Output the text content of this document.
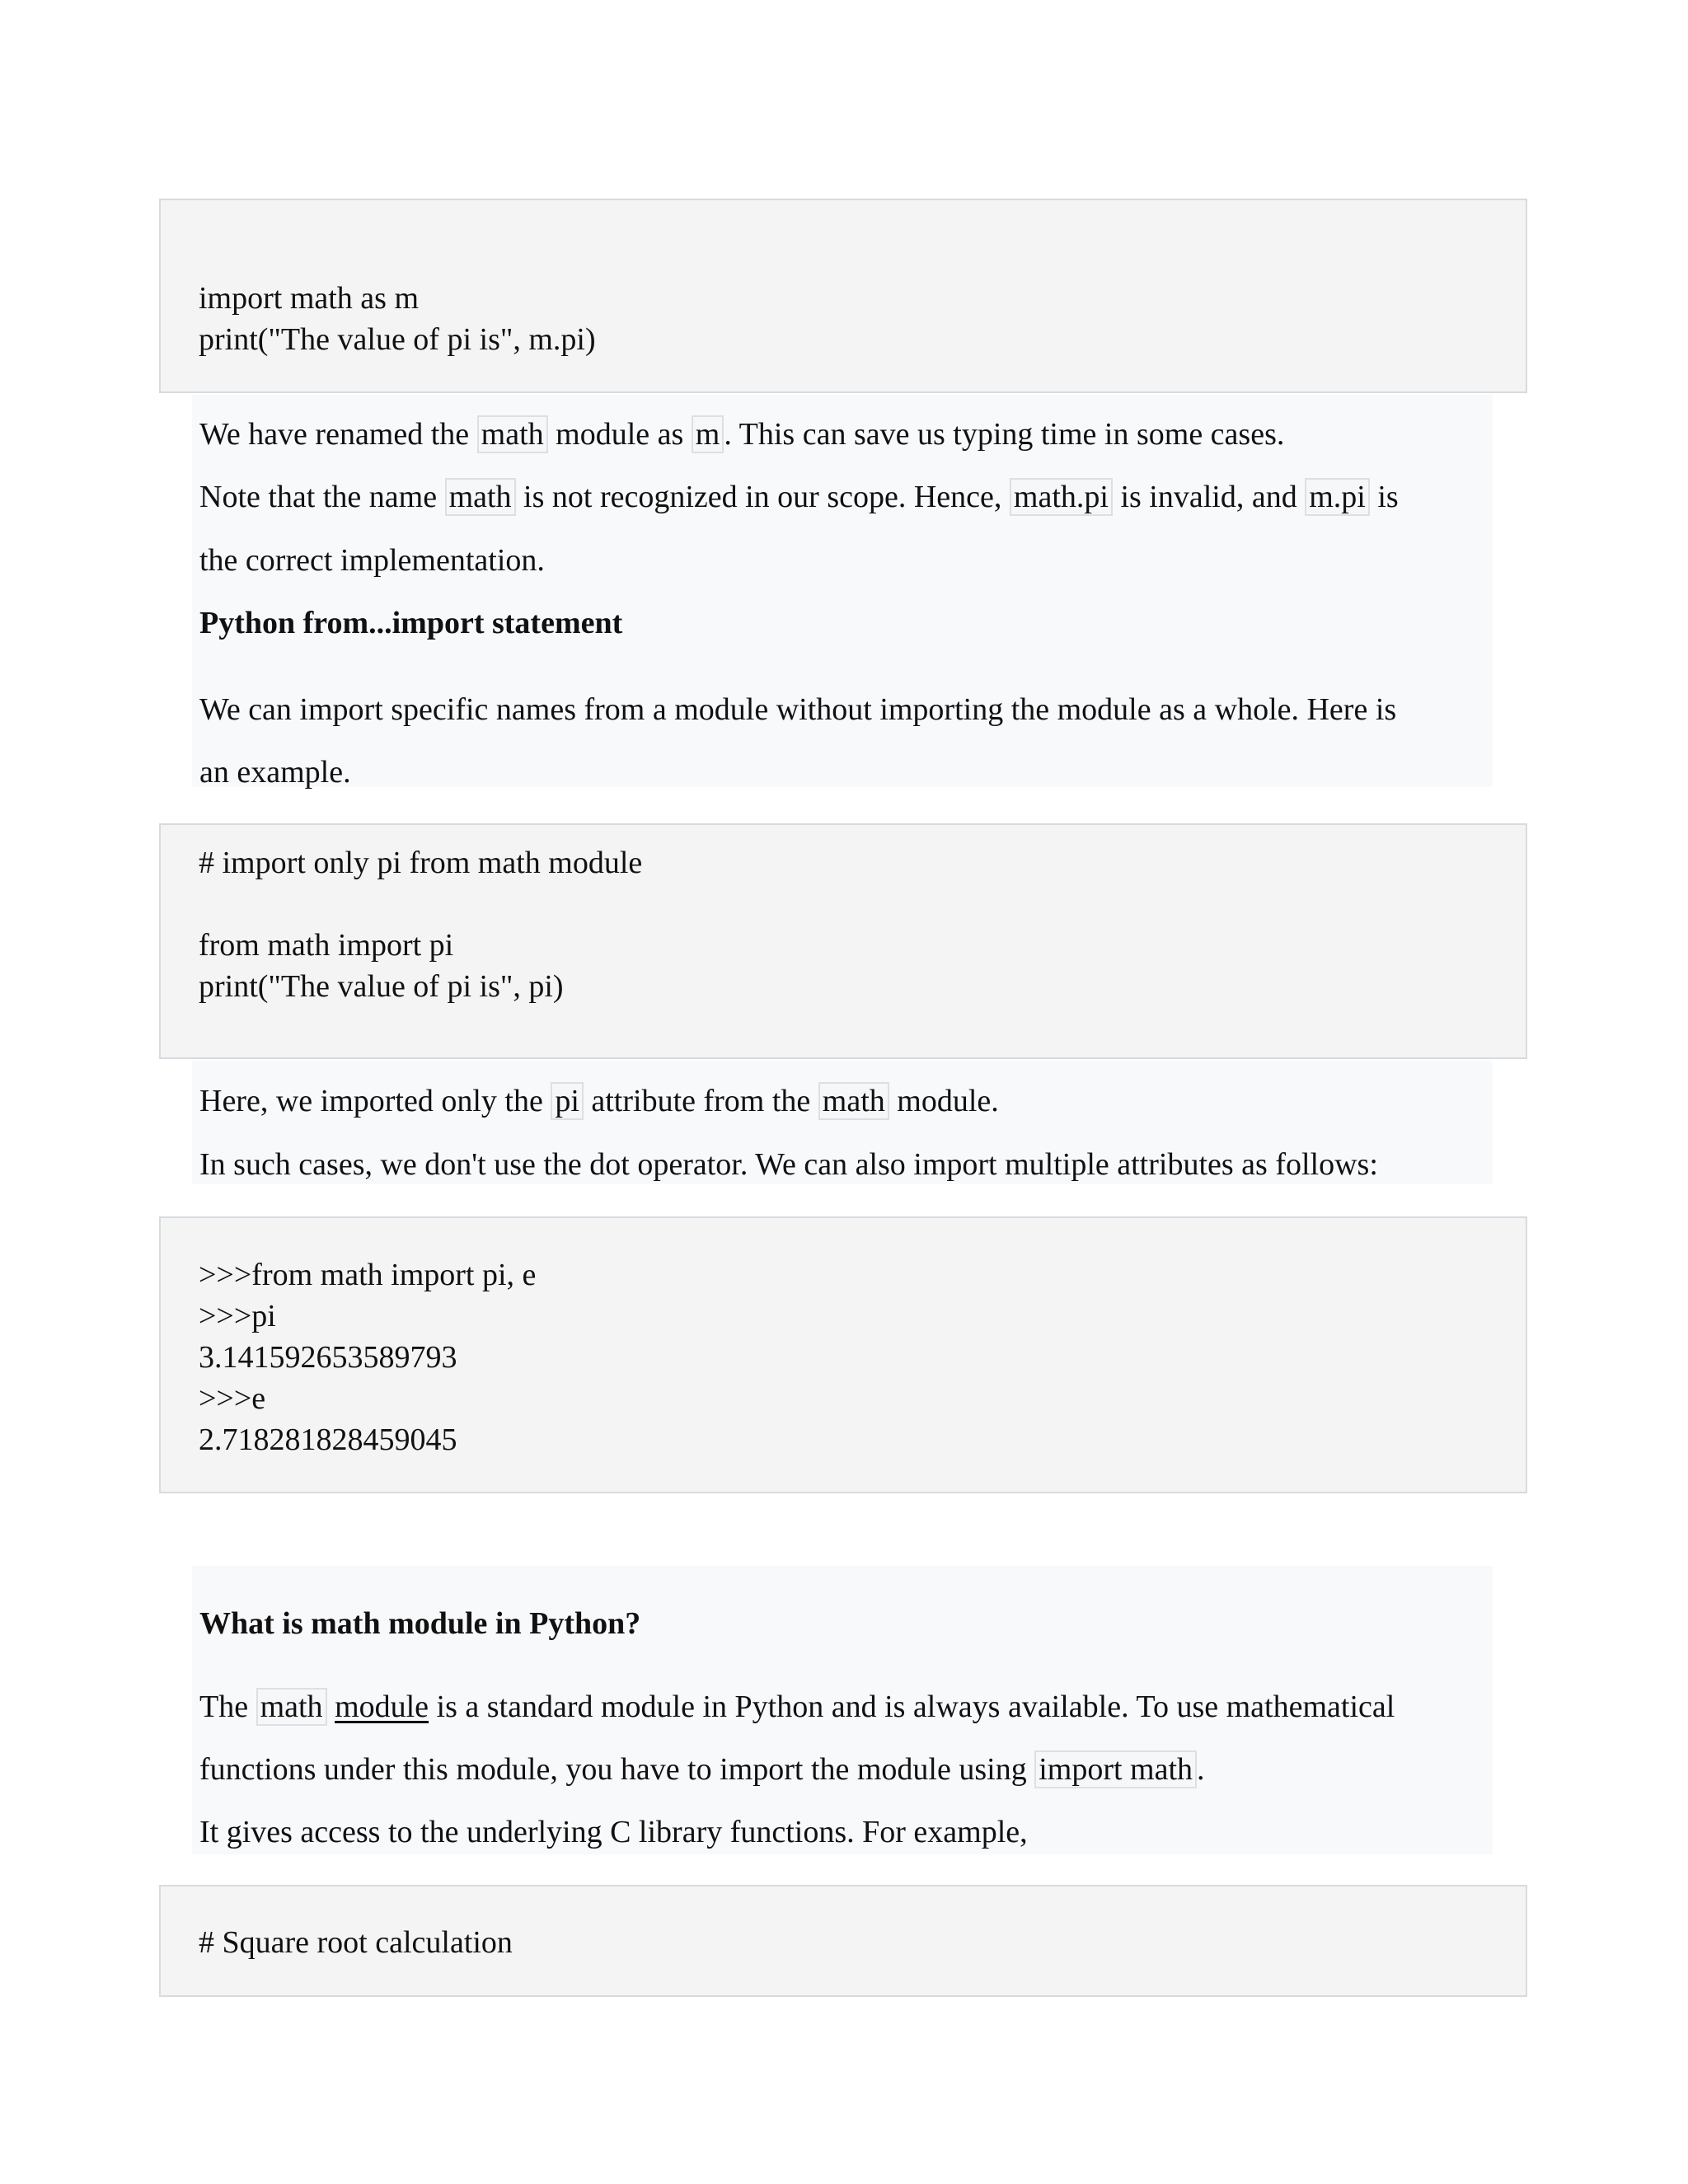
import math as m
print("The value of pi is", m.pi)
We have renamed the math module as m . This can save us typing time in some cases.
Note that the name math is not recognized in our scope. Hence, math.pi is invalid, and m.pi is
the correct implementation.
Python from...import statement
We can import specific names from a module without importing the module as a whole. Here is
an example.
# import only pi from math module
from math import pi
print("The value of pi is", pi)
Here, we imported only the pi attribute from the math module.
In such cases, we don't use the dot operator. We can also import multiple attributes as follows:
>>>from math import pi, e
>>>pi
3.141592653589793
>>>e
2.718281828459045
What is math module in Python?
The math module is a standard module in Python and is always available. To use mathematical
functions under this module, you have to import the module using import math .
It gives access to the underlying C library functions. For example,
# Square root calculation
